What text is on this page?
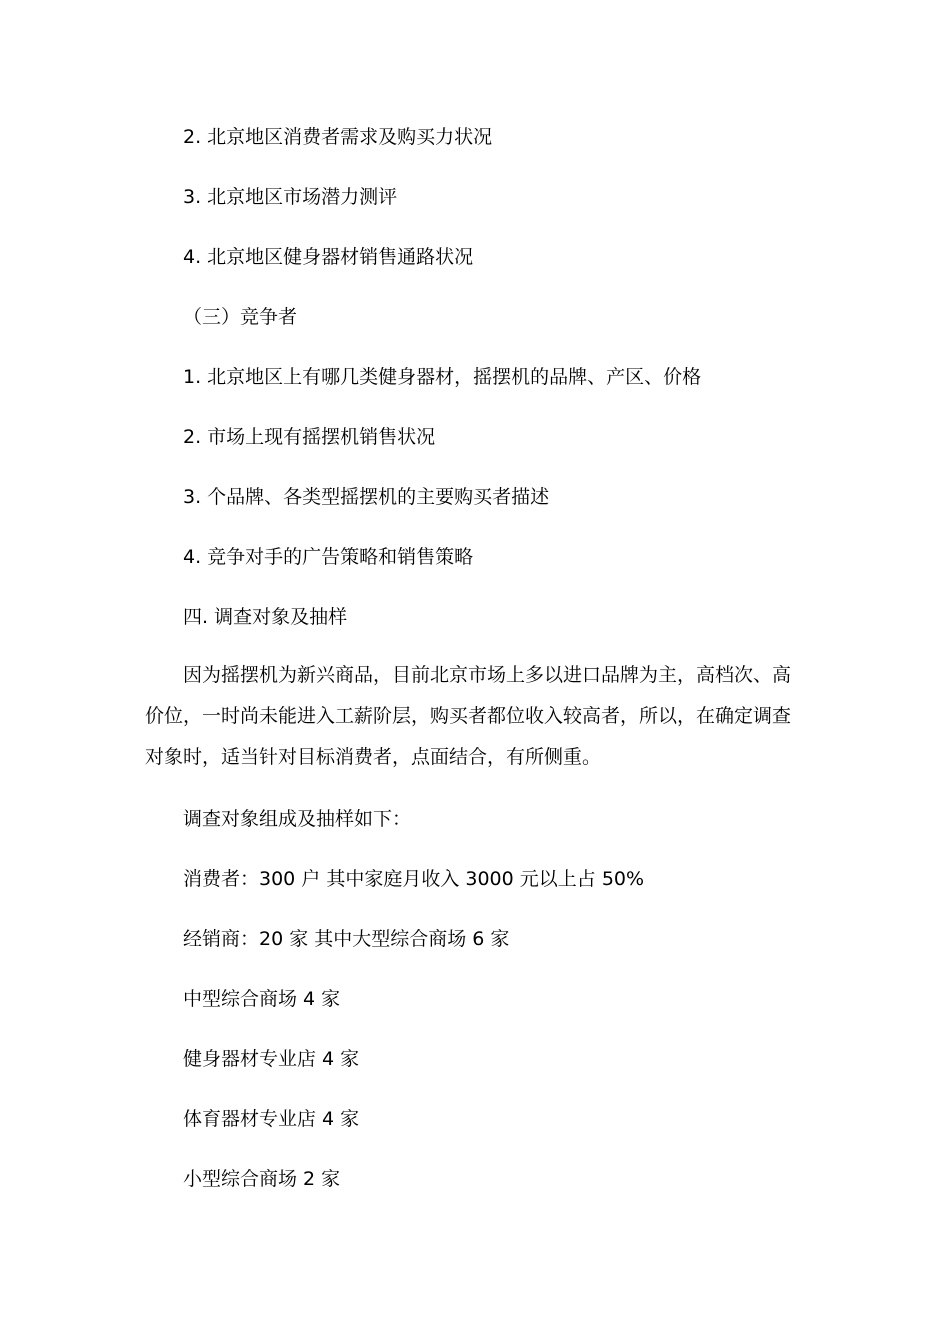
2. 北京地区消费者需求及购买力状况
3. 北京地区市场潜力测评
4. 北京地区健身器材销售通路状况
（三）竞争者
1. 北京地区上有哪几类健身器材，摇摆机的品牌、产区、价格
2. 市场上现有摇摆机销售状况
3. 个品牌、各类型摇摆机的主要购买者描述
4. 竞争对手的广告策略和销售策略
四. 调查对象及抽样
因为摇摆机为新兴商品，目前北京市场上多以进口品牌为主，高档次、高价位，一时尚未能进入工薪阶层，购买者都位收入较高者，所以，在确定调查对象时，适当针对目标消费者，点面结合，有所侧重。
调查对象组成及抽样如下：
消费者：300 户 其中家庭月收入 3000 元以上占 50%
经销商：20 家 其中大型综合商场 6 家
中型综合商场 4 家
健身器材专业店 4 家
体育器材专业店 4 家
小型综合商场 2 家
